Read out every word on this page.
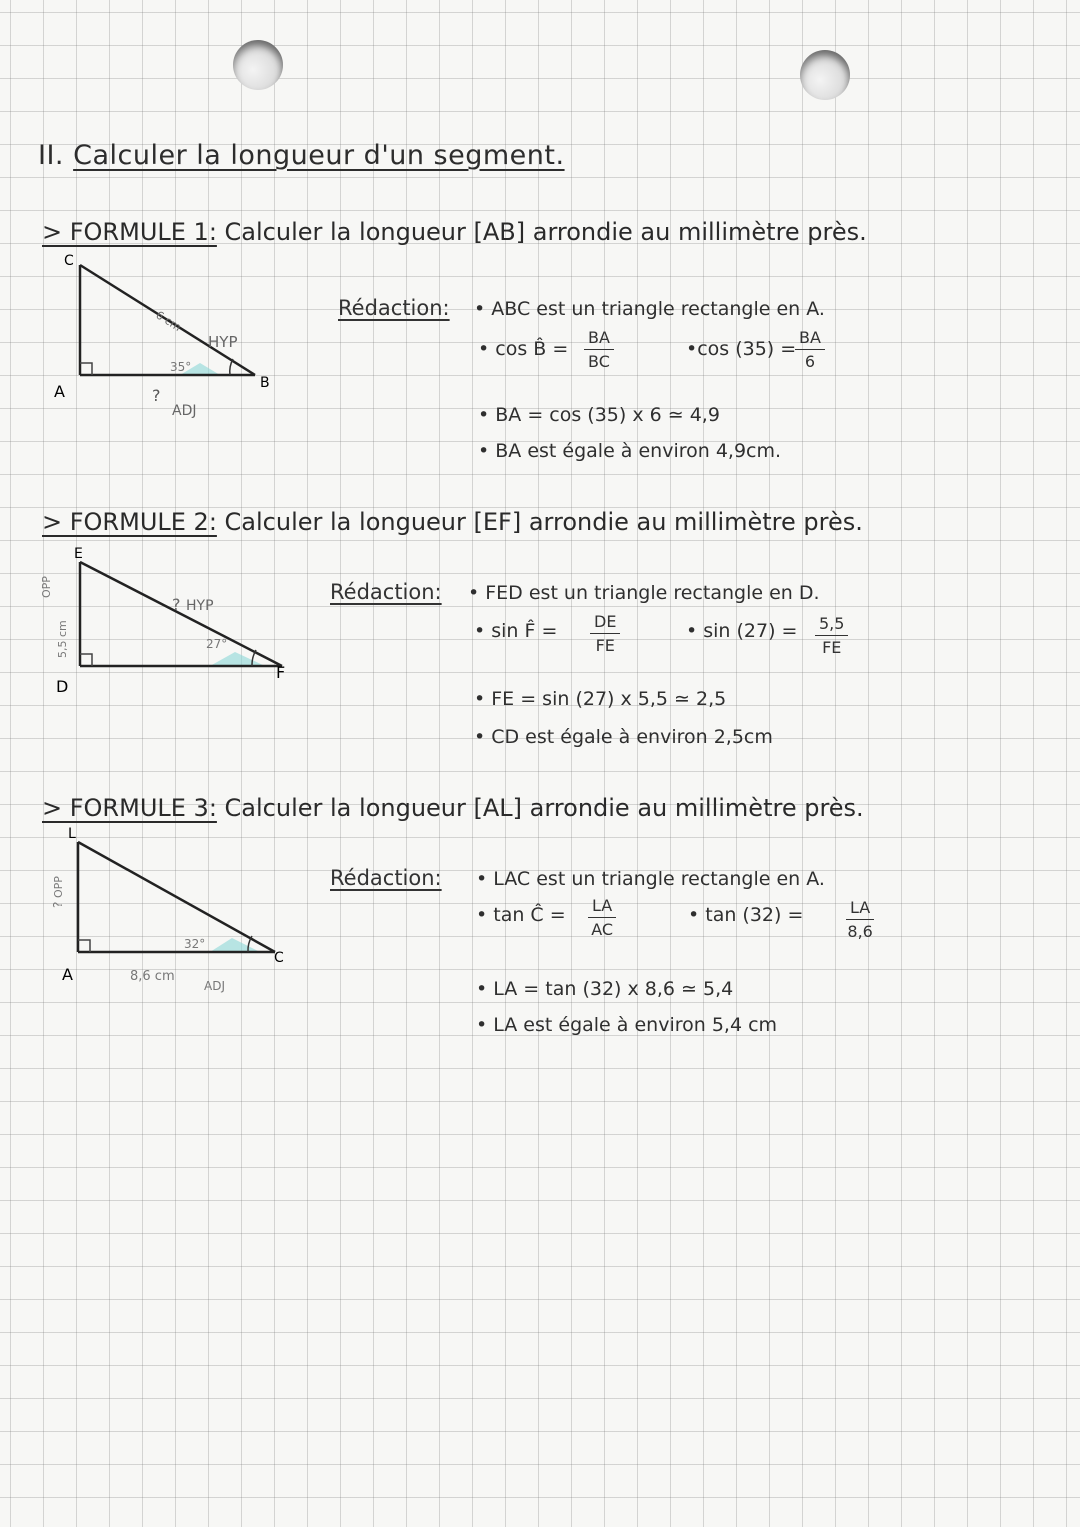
II. Calculer la longueur d'un segment.
> FORMULE 1: Calculer la longueur [AB] arrondie au millimètre près.
C
A	B
6 cm
HYP
35°
?
ADJ
Rédaction: • ABC est un triangle rectangle en A.
• cos B̂ = $\frac{BA}{BC}$	•cos (35) =
$\frac{BA}{6}$
• BA = cos (35) x 6 ≃ 4,9
• BA est égale à environ 4,9cm.
> FORMULE 2: Calculer la longueur [EF] arrondie au millimètre près.
E
D
F
5,5 cm
OPP
27°
? HYP
Rédaction: • FED est un triangle rectangle en D.
• sin F̂ = $\frac{DE}{FE}$	• $\sin (27) = \frac{5,5}{FE}$
• FE = sin (27) x 5,5 ≃ 2,5
• CD est égale à environ 2,5cm
> FORMULE 3: Calculer la longueur [AL] arrondie au millimètre près.
L
A
C
8,6 cm
ADJ
32°
?
OPP	Rédaction: • LAC est un triangle rectangle en A.
• tan Ĉ = $\frac{LA}{AC}$	• tan (32) =	$\frac{LA}{8,6}$
• LA = tan (32) x 8,6 ≃ 5,4
• LA est égale à environ 5,4 cm
